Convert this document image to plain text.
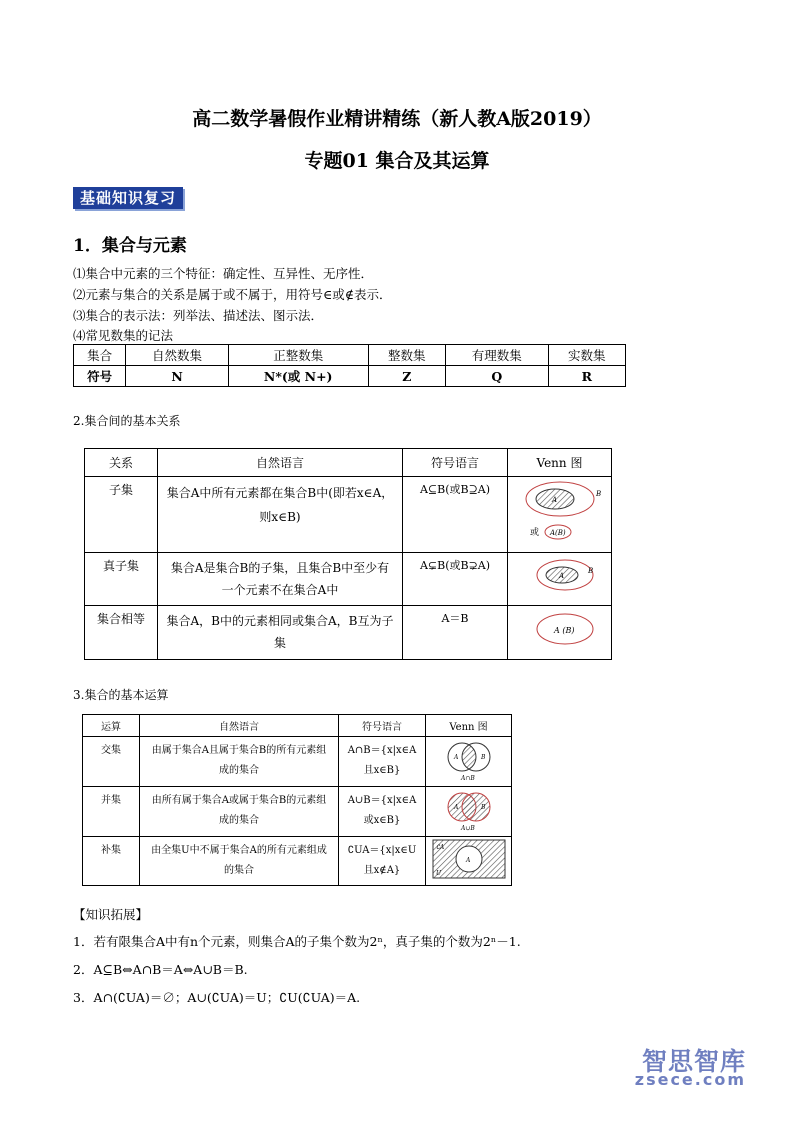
高二数学暑假作业精讲精练（新人教A版2019）
专题01 集合及其运算
基础知识复习
1．集合与元素
⑴集合中元素的三个特征：确定性、互异性、无序性．
⑵元素与集合的关系是属于或不属于，用符号∈或∉表示．
⑶集合的表示法：列举法、描述法、图示法．
⑷常见数集的记法
集合	自然数集	正整数集	整数集	有理数集	实数集
符号	N	N*(或 N+)	Z	Q	R
2.集合间的基本关系
关系	自然语言	符号语言	Venn 图
子集	集合A中所有元素都在集合B中(即若x∈A，则x∈B)	A⊆B(或B⊇A)	A
B
或 A(B)

真子集	集合A是集合B的子集，且集合B中至少有一个元素不在集合A中	A⊊B(或B⊋A)	A
B

集合相等	集合A，B中的元素相同或集合A，B互为子集	A＝B	A (B)
3.集合的基本运算
运算	自然语言	符号语言	Venn 图
交集	由属于集合A且属于集合B的所有元素组成的集合	A∩B＝{x|x∈A且x∈B}	A B
A∩B

并集	由所有属于集合A或属于集合B的元素组成的集合	A∪B＝{x|x∈A或x∈B}	A B
A∪B

补集	由全集U中不属于集合A的所有元素组成的集合	∁UA＝{x|x∈U且x∉A}	A
∁A
U
【知识拓展】
1．若有限集合A中有n个元素，则集合A的子集个数为2ⁿ，真子集的个数为2ⁿ－1.
2．A⊆B⇔A∩B＝A⇔A∪B＝B.
3．A∩(∁UA)＝∅；A∪(∁UA)＝U；∁U(∁UA)＝A.
智思智库
zsece.com
